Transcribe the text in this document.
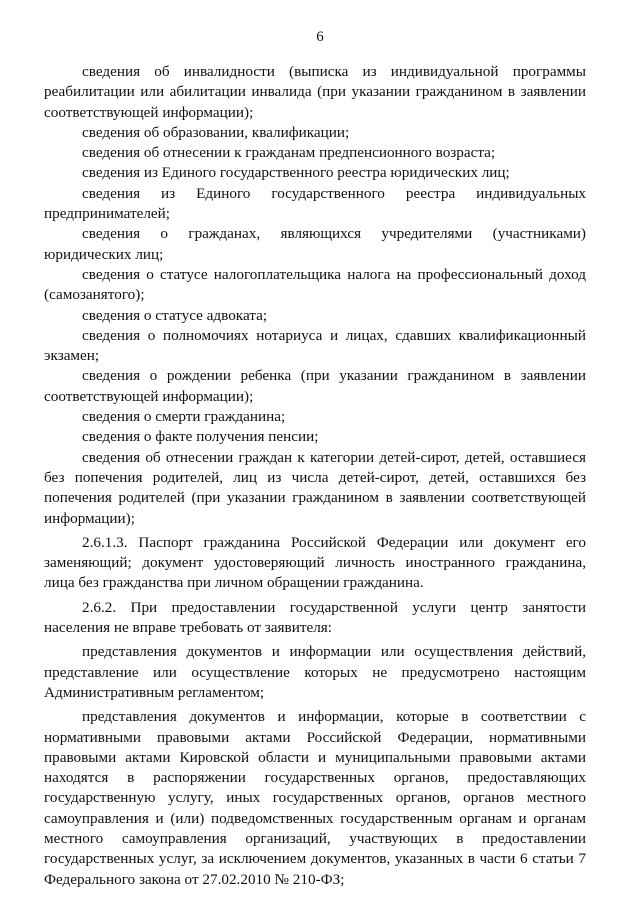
6

сведения об инвалидности (выписка из индивидуальной программы реабилитации или абилитации инвалида (при указании гражданином в заявлении соответствующей информации);

сведения об образовании, квалификации;

сведения об отнесении к гражданам предпенсионного возраста;

сведения из Единого государственного реестра юридических лиц;

сведения из Единого государственного реестра индивидуальных предпринимателей;

сведения о гражданах, являющихся учредителями (участниками) юридических лиц;

сведения о статусе налогоплательщика налога на профессиональный доход (самозанятого);

сведения о статусе адвоката;

сведения о полномочиях нотариуса и лицах, сдавших квалификационный экзамен;

сведения о рождении ребенка (при указании гражданином в заявлении соответствующей информации);

сведения о смерти гражданина;

сведения о факте получения пенсии;

сведения об отнесении граждан к категории детей-сирот, детей, оставшиеся без попечения родителей, лиц из числа детей-сирот, детей, оставшихся без попечения родителей (при указании гражданином в заявлении соответствующей информации);

2.6.1.3. Паспорт гражданина Российской Федерации или документ его заменяющий; документ удостоверяющий личность иностранного гражданина, лица без гражданства при личном обращении гражданина.

2.6.2. При предоставлении государственной услуги центр занятости населения не вправе требовать от заявителя:

представления документов и информации или осуществления действий, представление или осуществление которых не предусмотрено настоящим Административным регламентом;

представления документов и информации, которые в соответствии с нормативными правовыми актами Российской Федерации, нормативными правовыми актами Кировской области и муниципальными правовыми актами находятся в распоряжении государственных органов, предоставляющих государственную услугу, иных государственных органов, органов местного самоуправления и (или) подведомственных государственным органам и органам местного самоуправления организаций, участвующих в предоставлении государственных услуг, за исключением документов, указанных в части 6 статьи 7 Федерального закона от 27.02.2010 № 210-ФЗ;
